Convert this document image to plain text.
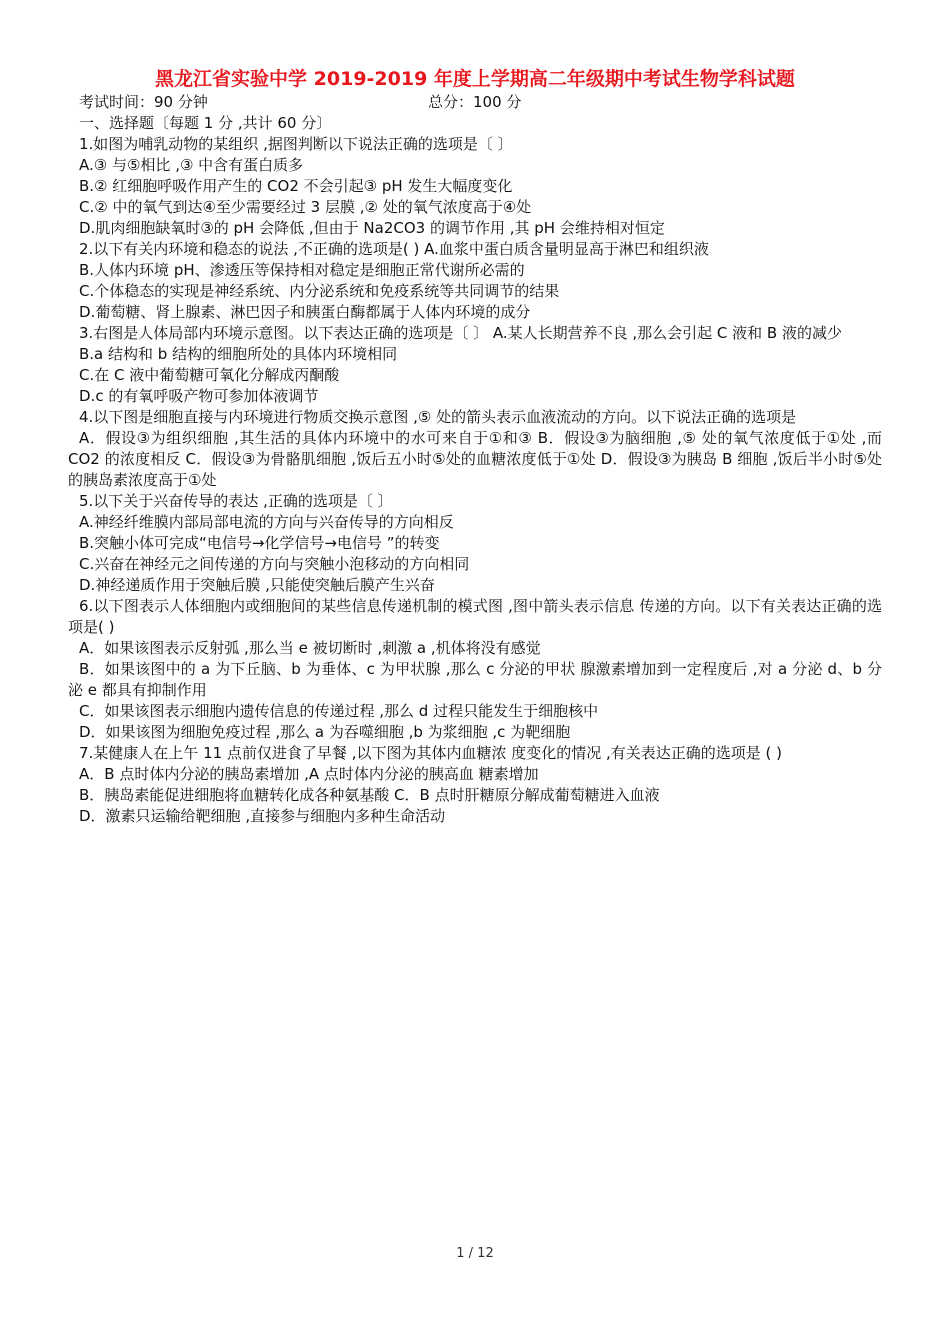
黑龙江省实验中学 2019-2019 年度上学期高二年级期中考试生物学科试题
考试时间：90 分钟	总分：100 分

一、选择题〔每题 1 分 ,共计 60 分〕

1.如图为哺乳动物的某组织 ,据图判断以下说法正确的选项是〔 〕

A.③ 与⑤相比 ,③ 中含有蛋白质多

B.② 红细胞呼吸作用产生的 CO2 不会引起③ pH 发生大幅度变化

C.② 中的氧气到达④至少需要经过 3 层膜 ,② 处的氧气浓度高于④处

D.肌肉细胞缺氧时③的 pH 会降低 ,但由于 Na2CO3 的调节作用 ,其 pH 会维持相对恒定

2.以下有关内环境和稳态的说法 ,不正确的选项是( ) A.血浆中蛋白质含量明显高于淋巴和组织液

B.人体内环境 pH、渗透压等保持相对稳定是细胞正常代谢所必需的

C.个体稳态的实现是神经系统、内分泌系统和免疫系统等共同调节的结果

D.葡萄糖、肾上腺素、淋巴因子和胰蛋白酶都属于人体内环境的成分

3.右图是人体局部内环境示意图。以下表达正确的选项是〔 〕 A.某人长期营养不良 ,那么会引起 C 液和 B 液的减少

B.a 结构和 b 结构的细胞所处的具体内环境相同

C.在 C 液中葡萄糖可氧化分解成丙酮酸

D.c 的有氧呼吸产物可参加体液调节

4.以下图是细胞直接与内环境进行物质交换示意图 ,⑤ 处的箭头表示血液流动的方向。以下说法正确的选项是

A．假设③为组织细胞 ,其生活的具体内环境中的水可来自于①和③ B．假设③为脑细胞 ,⑤ 处的氧气浓度低于①处 ,而 CO2 的浓度相反 C．假设③为骨骼肌细胞 ,饭后五小时⑤处的血糖浓度低于①处 D．假设③为胰岛 B 细胞 ,饭后半小时⑤处的胰岛素浓度高于①处

5.以下关于兴奋传导的表达 ,正确的选项是〔 〕

A.神经纤维膜内部局部电流的方向与兴奋传导的方向相反

B.突触小体可完成“电信号→化学信号→电信号 ”的转变

C.兴奋在神经元之间传递的方向与突触小泡移动的方向相同

D.神经递质作用于突触后膜 ,只能使突触后膜产生兴奋

6.以下图表示人体细胞内或细胞间的某些信息传递机制的模式图 ,图中箭头表示信息 传递的方向。以下有关表达正确的选项是( )

A．如果该图表示反射弧 ,那么当 e 被切断时 ,刺激 a ,机体将没有感觉

B．如果该图中的 a 为下丘脑、b 为垂体、c 为甲状腺 ,那么 c 分泌的甲状 腺激素增加到一定程度后 ,对 a 分泌 d、b 分泌 e 都具有抑制作用

C．如果该图表示细胞内遗传信息的传递过程 ,那么 d 过程只能发生于细胞核中

D．如果该图为细胞免疫过程 ,那么 a 为吞噬细胞 ,b 为浆细胞 ,c 为靶细胞

7.某健康人在上午 11 点前仅进食了早餐 ,以下图为其体内血糖浓 度变化的情况 ,有关表达正确的选项是 ( )

A．B 点时体内分泌的胰岛素增加 ,A 点时体内分泌的胰高血 糖素增加

B．胰岛素能促进细胞将血糖转化成各种氨基酸 C．B 点时肝糖原分解成葡萄糖进入血液

D．激素只运输给靶细胞 ,直接参与细胞内多种生命活动

1 / 12
